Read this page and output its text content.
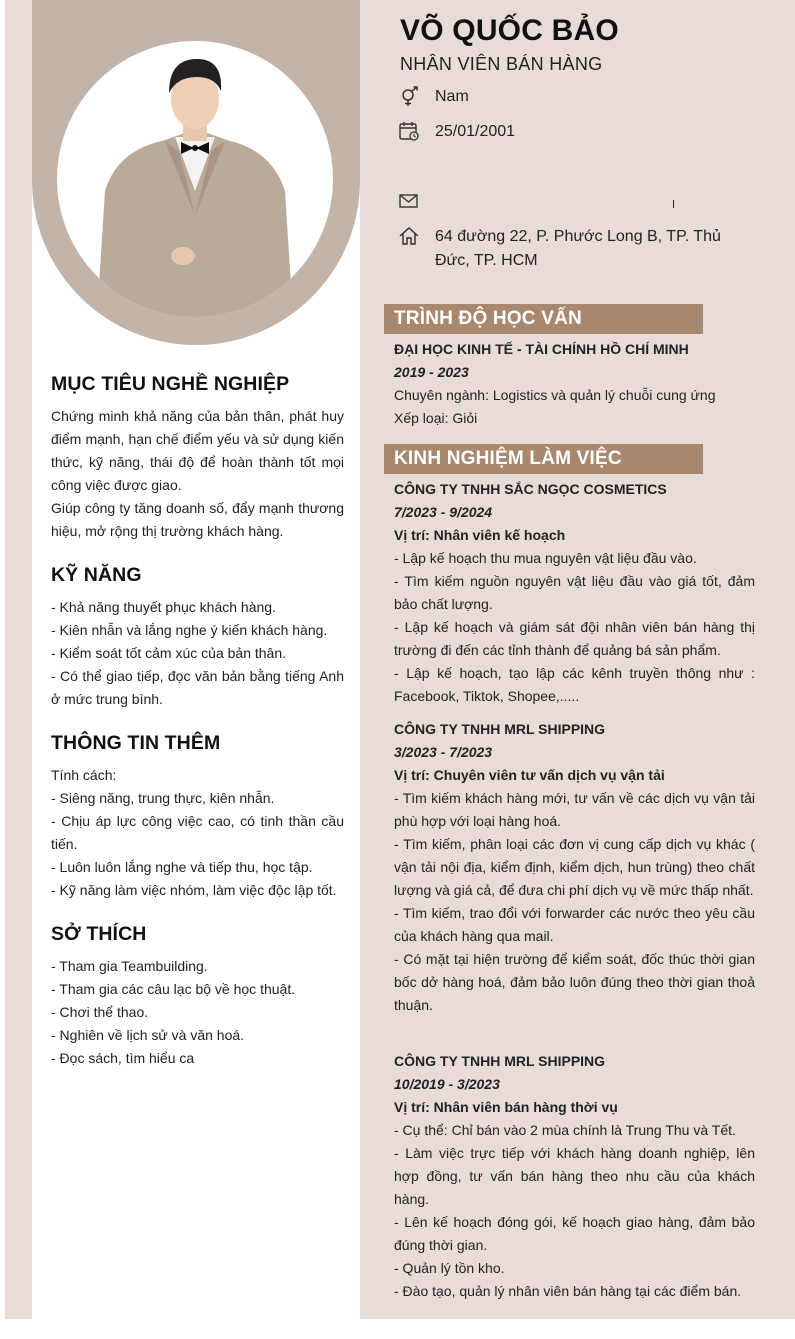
MỤC TIÊU NGHỀ NGHIỆP

Chứng minh khả năng của bản thân, phát huy điểm mạnh, hạn chế điểm yếu và sử dụng kiến thức, kỹ năng, thái độ để hoàn thành tốt mọi công việc được giao.

Giúp công ty tăng doanh số, đẩy mạnh thương hiệu, mở rộng thị trường khách hàng.

KỸ NĂNG

- Khả năng thuyết phục khách hàng.

- Kiên nhẫn và lắng nghe ý kiến khách hàng.

- Kiểm soát tốt cảm xúc của bản thân.

- Có thể giao tiếp, đọc văn bản bằng tiếng Anh ở mức trung bình.

THÔNG TIN THÊM

Tính cách:

- Siêng năng, trung thực, kiên nhẫn.

- Chịu áp lực công việc cao, có tinh thần cầu tiến.

- Luôn luôn lắng nghe và tiếp thu, học tập.

- Kỹ năng làm việc nhóm, làm việc độc lập tốt.

SỞ THÍCH

- Tham gia Teambuilding.

- Tham gia các câu lạc bộ về học thuật.

- Chơi thể thao.

- Nghiên về lịch sử và văn hoá.

- Đọc sách, tìm hiểu ca

VÕ QUỐC BẢO
NHÂN VIÊN BÁN HÀNG
Nam
25/01/2001
64 đường 22, P. Phước Long B, TP. Thủ Đức, TP. HCM
TRÌNH ĐỘ HỌC VẤN
ĐẠI HỌC KINH TẾ - TÀI CHÍNH HỒ CHÍ MINH
2019 - 2023
Chuyên ngành: Logistics và quản lý chuỗi cung ứng
Xếp loại: Giỏi
KINH NGHIỆM LÀM VIỆC
CÔNG TY TNHH SẮC NGỌC COSMETICS
7/2023 - 9/2024
Vị trí: Nhân viên kế hoạch
- Lập kế hoạch thu mua nguyên vật liệu đầu vào.
- Tìm kiếm nguồn nguyên vật liệu đầu vào giá tốt, đảm bảo chất lượng.
- Lập kế hoạch và giám sát đội nhân viên bán hàng thị trường đi đến các tỉnh thành để quảng bá sản phẩm.
- Lập kế hoạch, tạo lập các kênh truyền thông như : Facebook, Tiktok, Shopee,.....
CÔNG TY TNHH MRL SHIPPING
3/2023 - 7/2023
Vị trí: Chuyên viên tư vấn dịch vụ vận tải
- Tìm kiếm khách hàng mới, tư vấn về các dịch vụ vận tải phù hợp với loại hàng hoá.
- Tìm kiếm, phân loại các đơn vị cung cấp dịch vụ khác ( vận tải nội địa, kiểm định, kiểm dịch, hun trùng) theo chất lượng và giá cả, để đưa chi phí dịch vụ về mức thấp nhất.
- Tìm kiếm, trao đổi với forwarder các nước theo yêu cầu của khách hàng qua mail.
- Có mặt tại hiện trường để kiểm soát, đốc thúc thời gian bốc dở hàng hoá, đảm bảo luôn đúng theo thời gian thoả thuận.
CÔNG TY TNHH MRL SHIPPING
10/2019 - 3/2023
Vị trí: Nhân viên bán hàng thời vụ
- Cụ thể: Chỉ bán vào 2 mùa chính là Trung Thu và Tết.
- Làm việc trực tiếp với khách hàng doanh nghiệp, lên hợp đồng, tư vấn bán hàng theo nhu cầu của khách hàng.
- Lên kế hoạch đóng gói, kế hoạch giao hàng, đảm bảo đúng thời gian.
- Quản lý tồn kho.
- Đào tạo, quản lý nhân viên bán hàng tại các điểm bán.
